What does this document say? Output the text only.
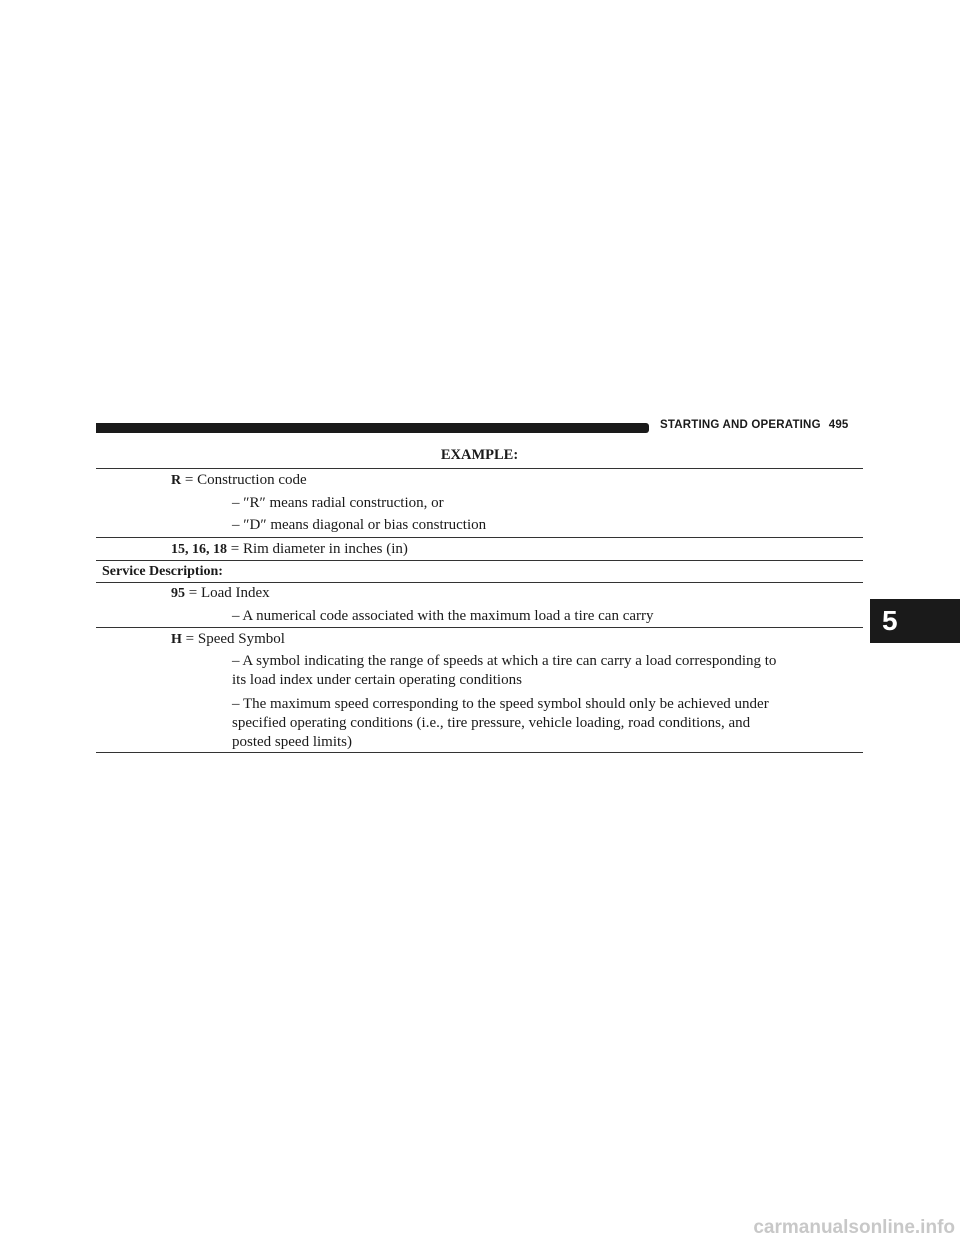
STARTING AND OPERATING 495
5
EXAMPLE:
R = Construction code
– ″R″ means radial construction, or
– ″D″ means diagonal or bias construction
15, 16, 18 = Rim diameter in inches (in)
Service Description:
95 = Load Index
– A numerical code associated with the maximum load a tire can carry
H = Speed Symbol
– A symbol indicating the range of speeds at which a tire can carry a load corresponding to
its load index under certain operating conditions
– The maximum speed corresponding to the speed symbol should only be achieved under
specified operating conditions (i.e., tire pressure, vehicle loading, road conditions, and
posted speed limits)
carmanualsonline.info
